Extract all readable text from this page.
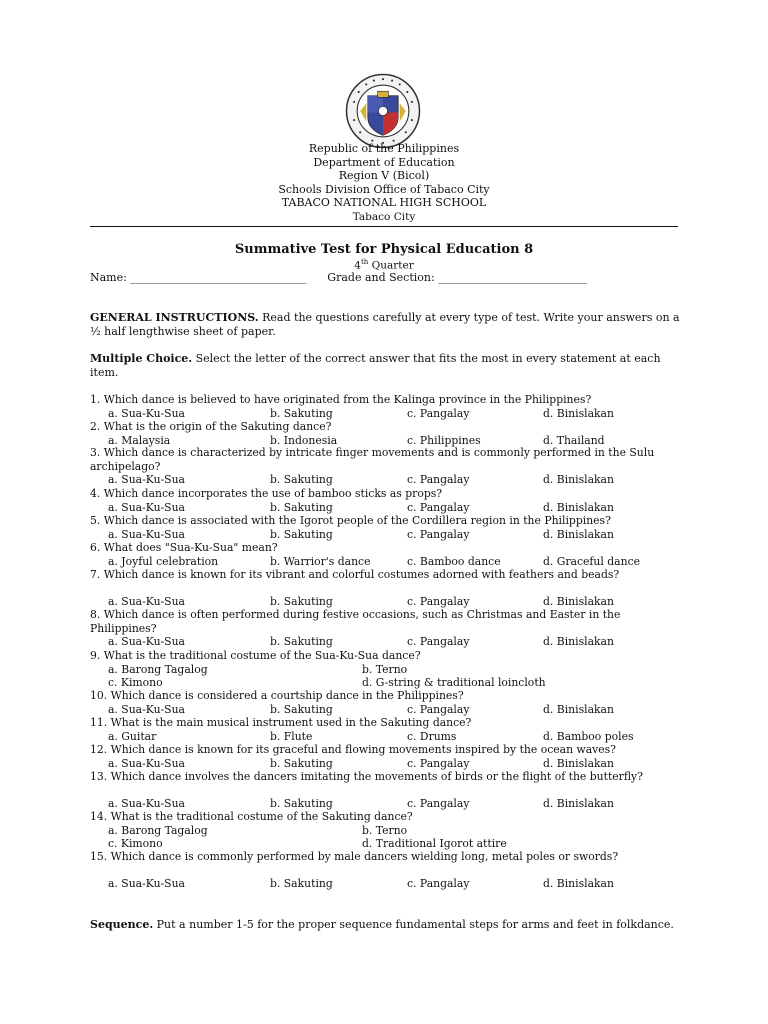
Republic of the Philippines
Department of Education
Region V (Bicol)
Schools Division Office of Tabaco City
TABACO NATIONAL HIGH SCHOOL
Tabaco City
Summative Test for Physical Education 8
4th Quarter
Name: ________________________________      Grade and Section: ___________________________
GENERAL INSTRUCTIONS. Read the questions carefully at every type of test. Write your answers on a ½ half lengthwise sheet of paper.
Multiple Choice. Select the letter of the correct answer that fits the most in every statement at each item.
1. Which dance is believed to have originated from the Kalinga province in the Philippines?
a. Sua-Ku-Sua	b. Sakuting	c. Pangalay	d. Binislakan
2. What is the origin of the Sakuting dance?
a. Malaysia	b. Indonesia	c. Philippines	d. Thailand
3. Which dance is characterized by intricate finger movements and is commonly performed in the Sulu archipelago?
a. Sua-Ku-Sua	b. Sakuting	c. Pangalay	d. Binislakan
4. Which dance incorporates the use of bamboo sticks as props?
a. Sua-Ku-Sua	b. Sakuting	c. Pangalay	d. Binislakan
5. Which dance is associated with the Igorot people of the Cordillera region in the Philippines?
a. Sua-Ku-Sua	b. Sakuting	c. Pangalay	d. Binislakan
6. What does "Sua-Ku-Sua" mean?
a. Joyful celebration	b. Warrior's dance	c. Bamboo dance	d. Graceful dance
7. Which dance is known for its vibrant and colorful costumes adorned with feathers and beads?
a. Sua-Ku-Sua	b. Sakuting	c. Pangalay	d. Binislakan
8. Which dance is often performed during festive occasions, such as Christmas and Easter in the Philippines?
a. Sua-Ku-Sua	b. Sakuting	c. Pangalay	d. Binislakan
9. What is the traditional costume of the Sua-Ku-Sua dance?
a. Barong Tagalog	b. Terno
c. Kimono	d. G-string & traditional loincloth
10. Which dance is considered a courtship dance in the Philippines?
a. Sua-Ku-Sua	b. Sakuting	c. Pangalay	d. Binislakan
11. What is the main musical instrument used in the Sakuting dance?
a. Guitar	b. Flute	c. Drums	d. Bamboo poles
12. Which dance is known for its graceful and flowing movements inspired by the ocean waves?
a. Sua-Ku-Sua	b. Sakuting	c. Pangalay	d. Binislakan
13. Which dance involves the dancers imitating the movements of birds or the flight of the butterfly?
a. Sua-Ku-Sua	b. Sakuting	c. Pangalay	d. Binislakan
14. What is the traditional costume of the Sakuting dance?
a. Barong Tagalog	b. Terno
c. Kimono	d. Traditional Igorot attire
15. Which dance is commonly performed by male dancers wielding long, metal poles or swords?
a. Sua-Ku-Sua	b. Sakuting	c. Pangalay	d. Binislakan
Sequence. Put a number 1-5 for the proper sequence fundamental steps for arms and feet in folkdance.
